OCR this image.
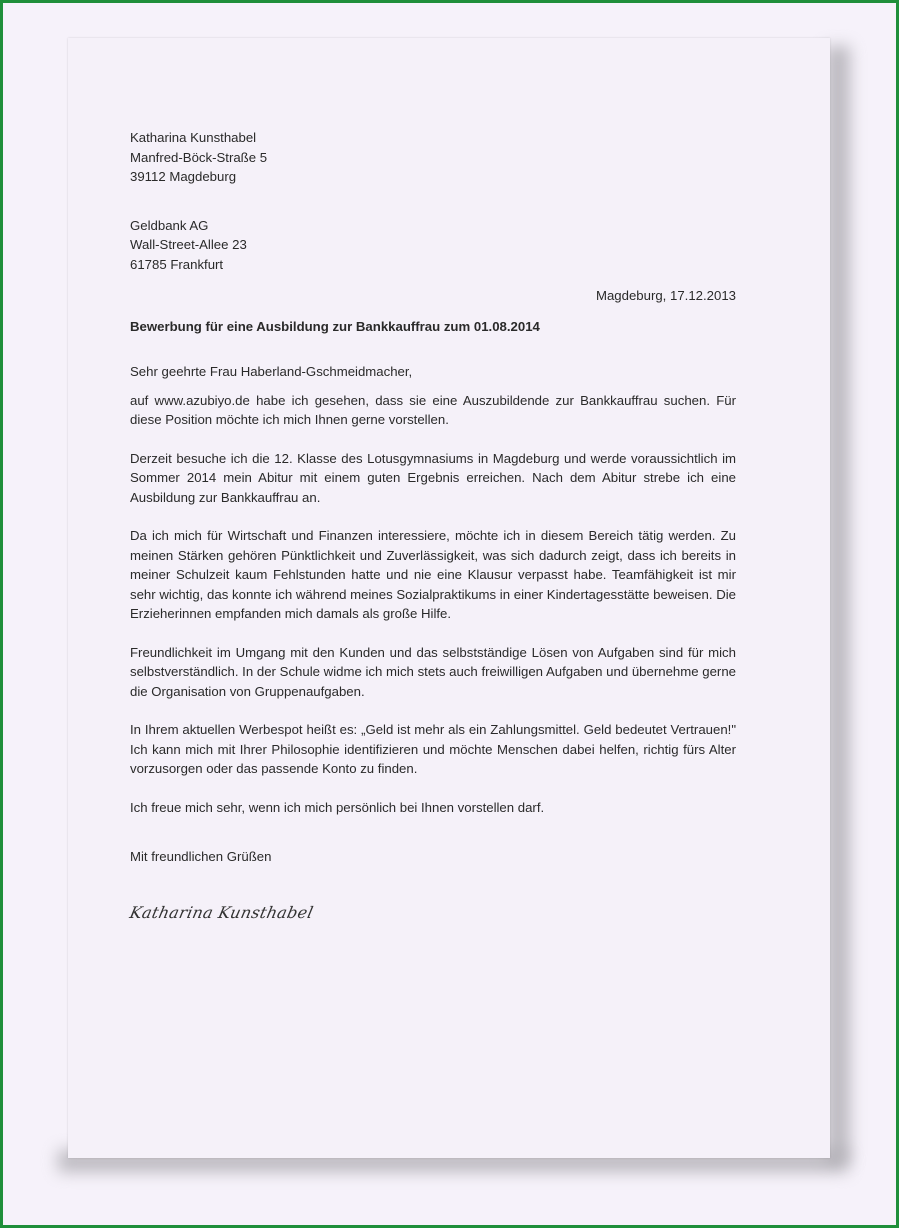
Katharina Kunsthabel
Manfred-Böck-Straße 5
39112 Magdeburg
Geldbank AG
Wall-Street-Allee 23
61785 Frankfurt
Magdeburg, 17.12.2013
Bewerbung für eine Ausbildung zur Bankkauffrau zum 01.08.2014
Sehr geehrte Frau Haberland-Gschmeidmacher,

auf www.azubiyo.de habe ich gesehen, dass sie eine Auszubildende zur Bankkauffrau suchen. Für diese Position möchte ich mich Ihnen gerne vorstellen.

Derzeit besuche ich die 12. Klasse des Lotusgymnasiums in Magdeburg und werde voraussichtlich im Sommer 2014 mein Abitur mit einem guten Ergebnis erreichen. Nach dem Abitur strebe ich eine Ausbildung zur Bankkauffrau an.

Da ich mich für Wirtschaft und Finanzen interessiere, möchte ich in diesem Bereich tätig werden. Zu meinen Stärken gehören Pünktlichkeit und Zuverlässigkeit, was sich dadurch zeigt, dass ich bereits in meiner Schulzeit kaum Fehlstunden hatte und nie eine Klausur verpasst habe. Teamfähigkeit ist mir sehr wichtig, das konnte ich während meines Sozialpraktikums in einer Kindertagesstätte beweisen. Die Erzieherinnen empfanden mich damals als große Hilfe.

Freundlichkeit im Umgang mit den Kunden und das selbstständige Lösen von Aufgaben sind für mich selbstverständlich. In der Schule widme ich mich stets auch freiwilligen Aufgaben und übernehme gerne die Organisation von Gruppenaufgaben.

In Ihrem aktuellen Werbespot heißt es: „Geld ist mehr als ein Zahlungsmittel. Geld bedeutet Vertrauen!" Ich kann mich mit Ihrer Philosophie identifizieren und möchte Menschen dabei helfen, richtig fürs Alter vorzusorgen oder das passende Konto zu finden.

Ich freue mich sehr, wenn ich mich persönlich bei Ihnen vorstellen darf.
Mit freundlichen Grüßen
Katharina Kunsthabel
